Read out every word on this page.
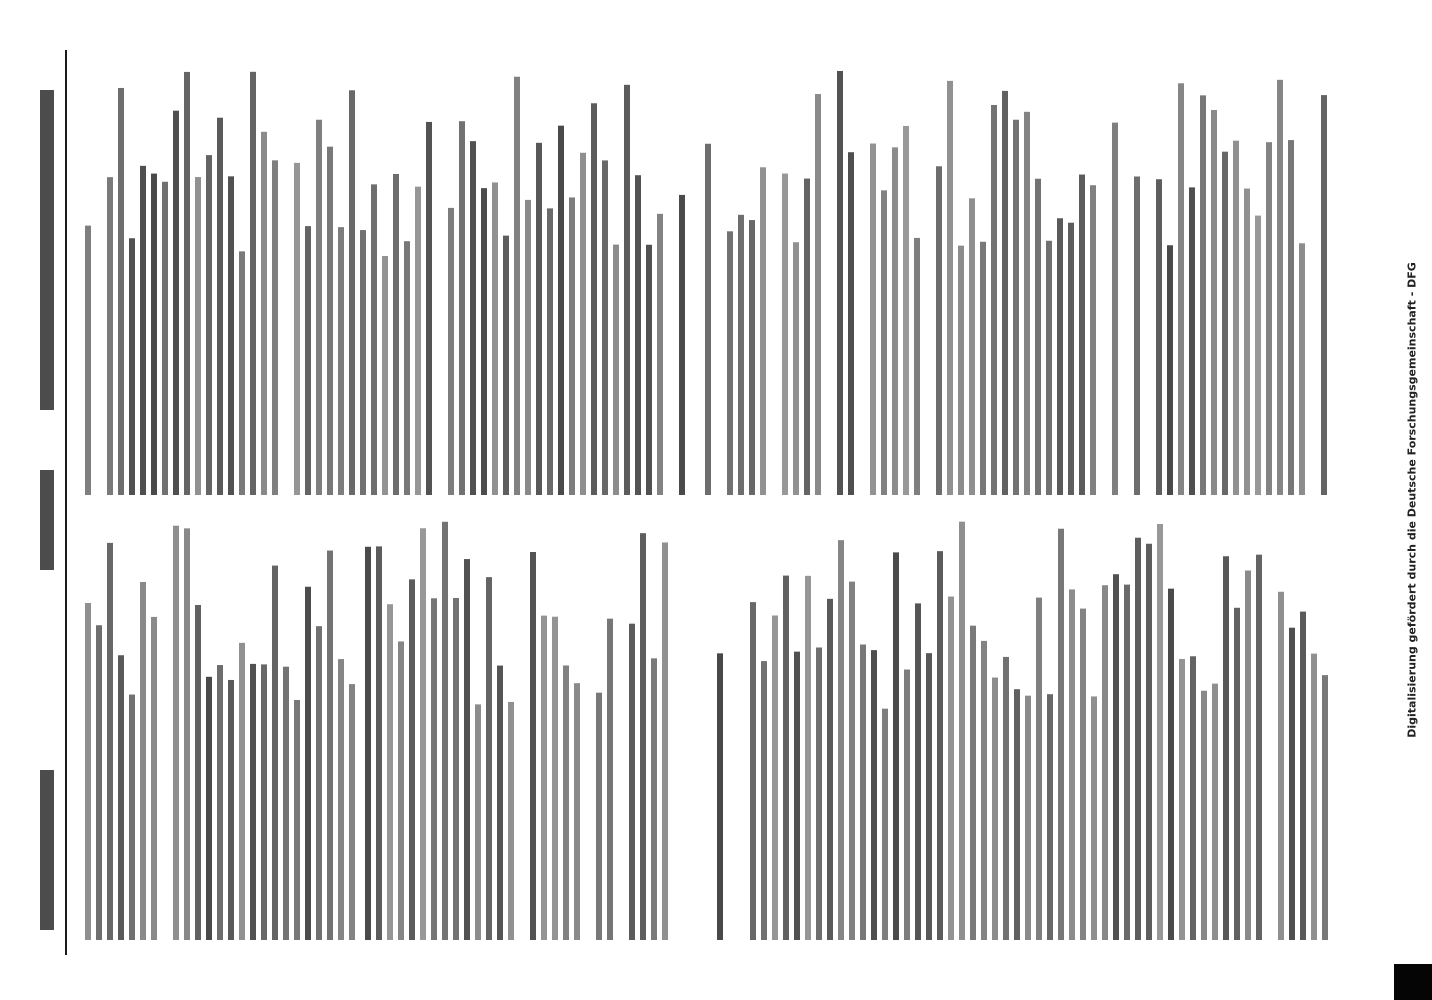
Digitalisierung gefördert durch die Deutsche Forschungsgemeinschaft - DFG
